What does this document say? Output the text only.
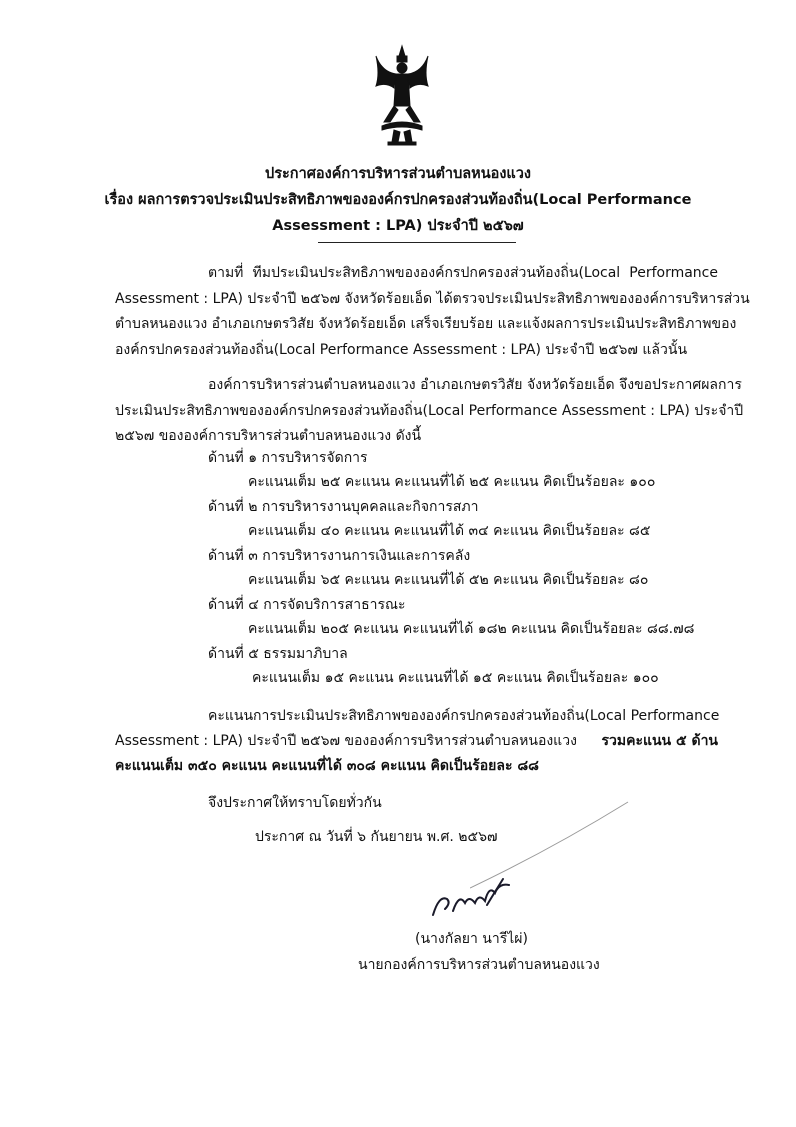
ประกาศองค์การบริหารส่วนตำบลหนองแวง
เรื่อง ผลการตรวจประเมินประสิทธิภาพขององค์กรปกครองส่วนท้องถิ่น(Local Performance
Assessment : LPA) ประจำปี ๒๕๖๗
ตามที่ ทีมประเมินประสิทธิภาพขององค์กรปกครองส่วนท้องถิ่น(Local Performance
Assessment : LPA) ประจำปี ๒๕๖๗ จังหวัดร้อยเอ็ด ได้ตรวจประเมินประสิทธิภาพขององค์การบริหารส่วน
ตำบลหนองแวง อำเภอเกษตรวิสัย จังหวัดร้อยเอ็ด เสร็จเรียบร้อย และแจ้งผลการประเมินประสิทธิภาพของ
องค์กรปกครองส่วนท้องถิ่น(Local Performance Assessment : LPA) ประจำปี ๒๕๖๗ แล้วนั้น
องค์การบริหารส่วนตำบลหนองแวง อำเภอเกษตรวิสัย จังหวัดร้อยเอ็ด จึงขอประกาศผลการ
ประเมินประสิทธิภาพขององค์กรปกครองส่วนท้องถิ่น(Local Performance Assessment : LPA) ประจำปี
๒๕๖๗ ขององค์การบริหารส่วนตำบลหนองแวง ดังนี้
ด้านที่ ๑ การบริหารจัดการ
คะแนนเต็ม ๒๕ คะแนน คะแนนที่ได้ ๒๕ คะแนน คิดเป็นร้อยละ ๑๐๐
ด้านที่ ๒ การบริหารงานบุคคลและกิจการสภา
คะแนนเต็ม ๔๐ คะแนน คะแนนที่ได้ ๓๔ คะแนน คิดเป็นร้อยละ ๘๕
ด้านที่ ๓ การบริหารงานการเงินและการคลัง
คะแนนเต็ม ๖๕ คะแนน คะแนนที่ได้ ๕๒ คะแนน คิดเป็นร้อยละ ๘๐
ด้านที่ ๔ การจัดบริการสาธารณะ
คะแนนเต็ม ๒๐๕ คะแนน คะแนนที่ได้ ๑๘๒ คะแนน คิดเป็นร้อยละ ๘๘.๗๘
ด้านที่ ๕ ธรรมมาภิบาล
คะแนนเต็ม ๑๕ คะแนน คะแนนที่ได้ ๑๕ คะแนน คิดเป็นร้อยละ ๑๐๐
คะแนนการประเมินประสิทธิภาพขององค์กรปกครองส่วนท้องถิ่น(Local Performance
Assessment : LPA) ประจำปี ๒๕๖๗ ขององค์การบริหารส่วนตำบลหนองแวง รวมคะแนน ๕ ด้าน
คะแนนเต็ม ๓๕๐ คะแนน คะแนนที่ได้ ๓๐๘ คะแนน คิดเป็นร้อยละ ๘๘
จึงประกาศให้ทราบโดยทั่วกัน
ประกาศ ณ วันที่ ๖ กันยายน พ.ศ. ๒๕๖๗
(นางกัลยา นารีไผ่)
นายกองค์การบริหารส่วนตำบลหนองแวง
